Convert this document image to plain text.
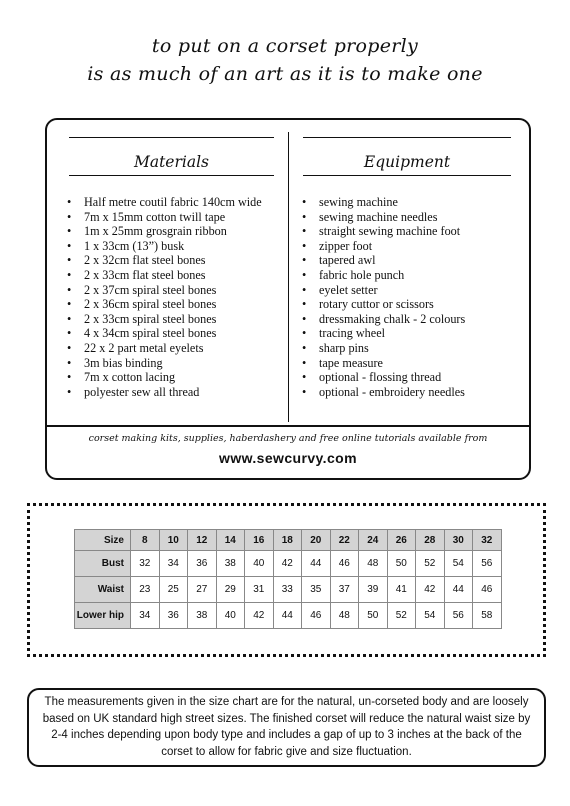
to put on a corset properly
is as much of an art as it is to make one
Materials	Equipment
• Half metre coutil fabric 140cm wide
• 7m x 15mm cotton twill tape
• 1m x 25mm grosgrain ribbon
• 1 x 33cm (13”) busk
• 2 x 32cm flat steel bones
• 2 x 33cm flat steel bones
• 2 x 37cm spiral steel bones
• 2 x 36cm spiral steel bones
• 2 x 33cm spiral steel bones
• 4 x 34cm spiral steel bones
• 22 x 2 part metal eyelets
• 3m bias binding
• 7m x cotton lacing
• polyester sew all thread
• sewing machine
• sewing machine needles
• straight sewing machine foot
• zipper foot
• tapered awl
• fabric hole punch
• eyelet setter
• rotary cuttor or scissors
• dressmaking chalk - 2 colours
• tracing wheel
• sharp pins
• tape measure
• optional - flossing thread
• optional - embroidery needles
corset making kits, supplies, haberdashery and free online tutorials available from
www.sewcurvy.com
Size	8	10	12	14	16	18	20	22	24	26	28	30	32
Bust	32	34	36	38	40	42	44	46	48	50	52	54	56
Waist	23	25	27	29	31	33	35	37	39	41	42	44	46
Lower hip	34	36	38	40	42	44	46	48	50	52	54	56	58
The measurements given in the size chart are for the natural, un-corseted body and are loosely based on UK standard high street sizes. The finished corset will reduce the natural waist size by 2-4 inches depending upon body type and includes a gap of up to 3 inches at the back of the corset to allow for fabric give and size fluctuation.
